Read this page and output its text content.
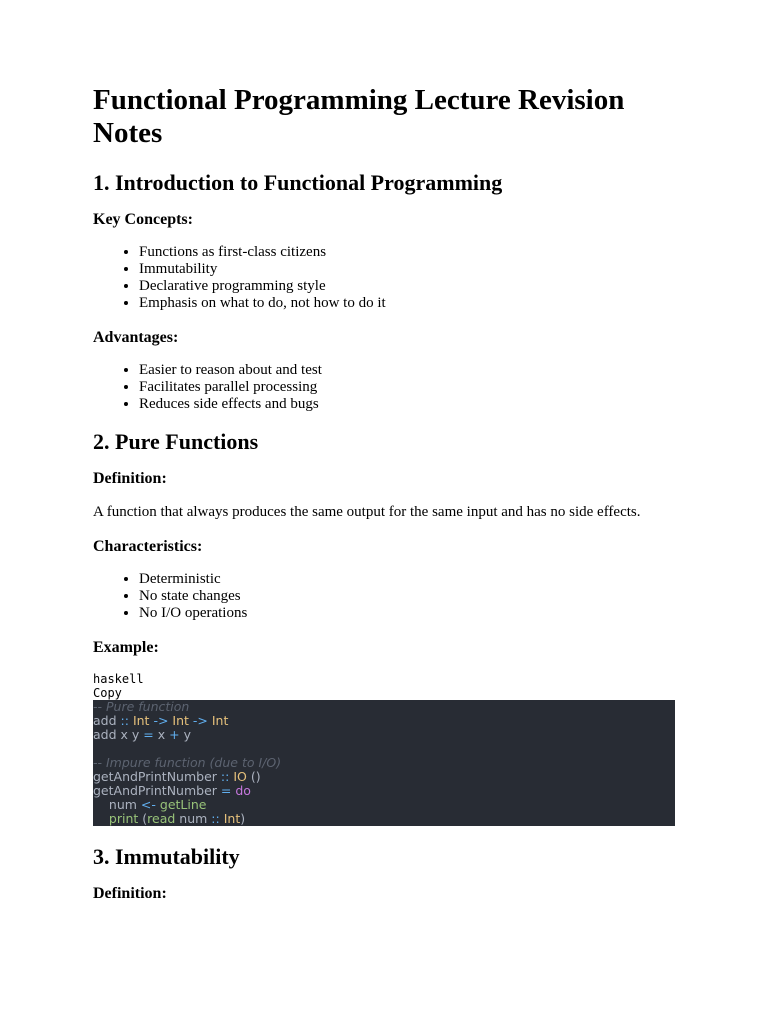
Functional Programming Lecture Revision Notes
1. Introduction to Functional Programming
Key Concepts:
• Functions as first-class citizens
• Immutability
• Declarative programming style
• Emphasis on what to do, not how to do it
Advantages:
• Easier to reason about and test
• Facilitates parallel processing
• Reduces side effects and bugs
2. Pure Functions
Definition:

A function that always produces the same output for the same input and has no side effects.

Characteristics:
• Deterministic
• No state changes
• No I/O operations
Example:
haskell
Copy
-- Pure function
add :: Int -> Int -> Int
add x y = x + y
-- Impure function (due to I/O)
getAndPrintNumber :: IO ()
getAndPrintNumber = do
num <- getLine
print (read num :: Int)
3. Immutability
Definition:
